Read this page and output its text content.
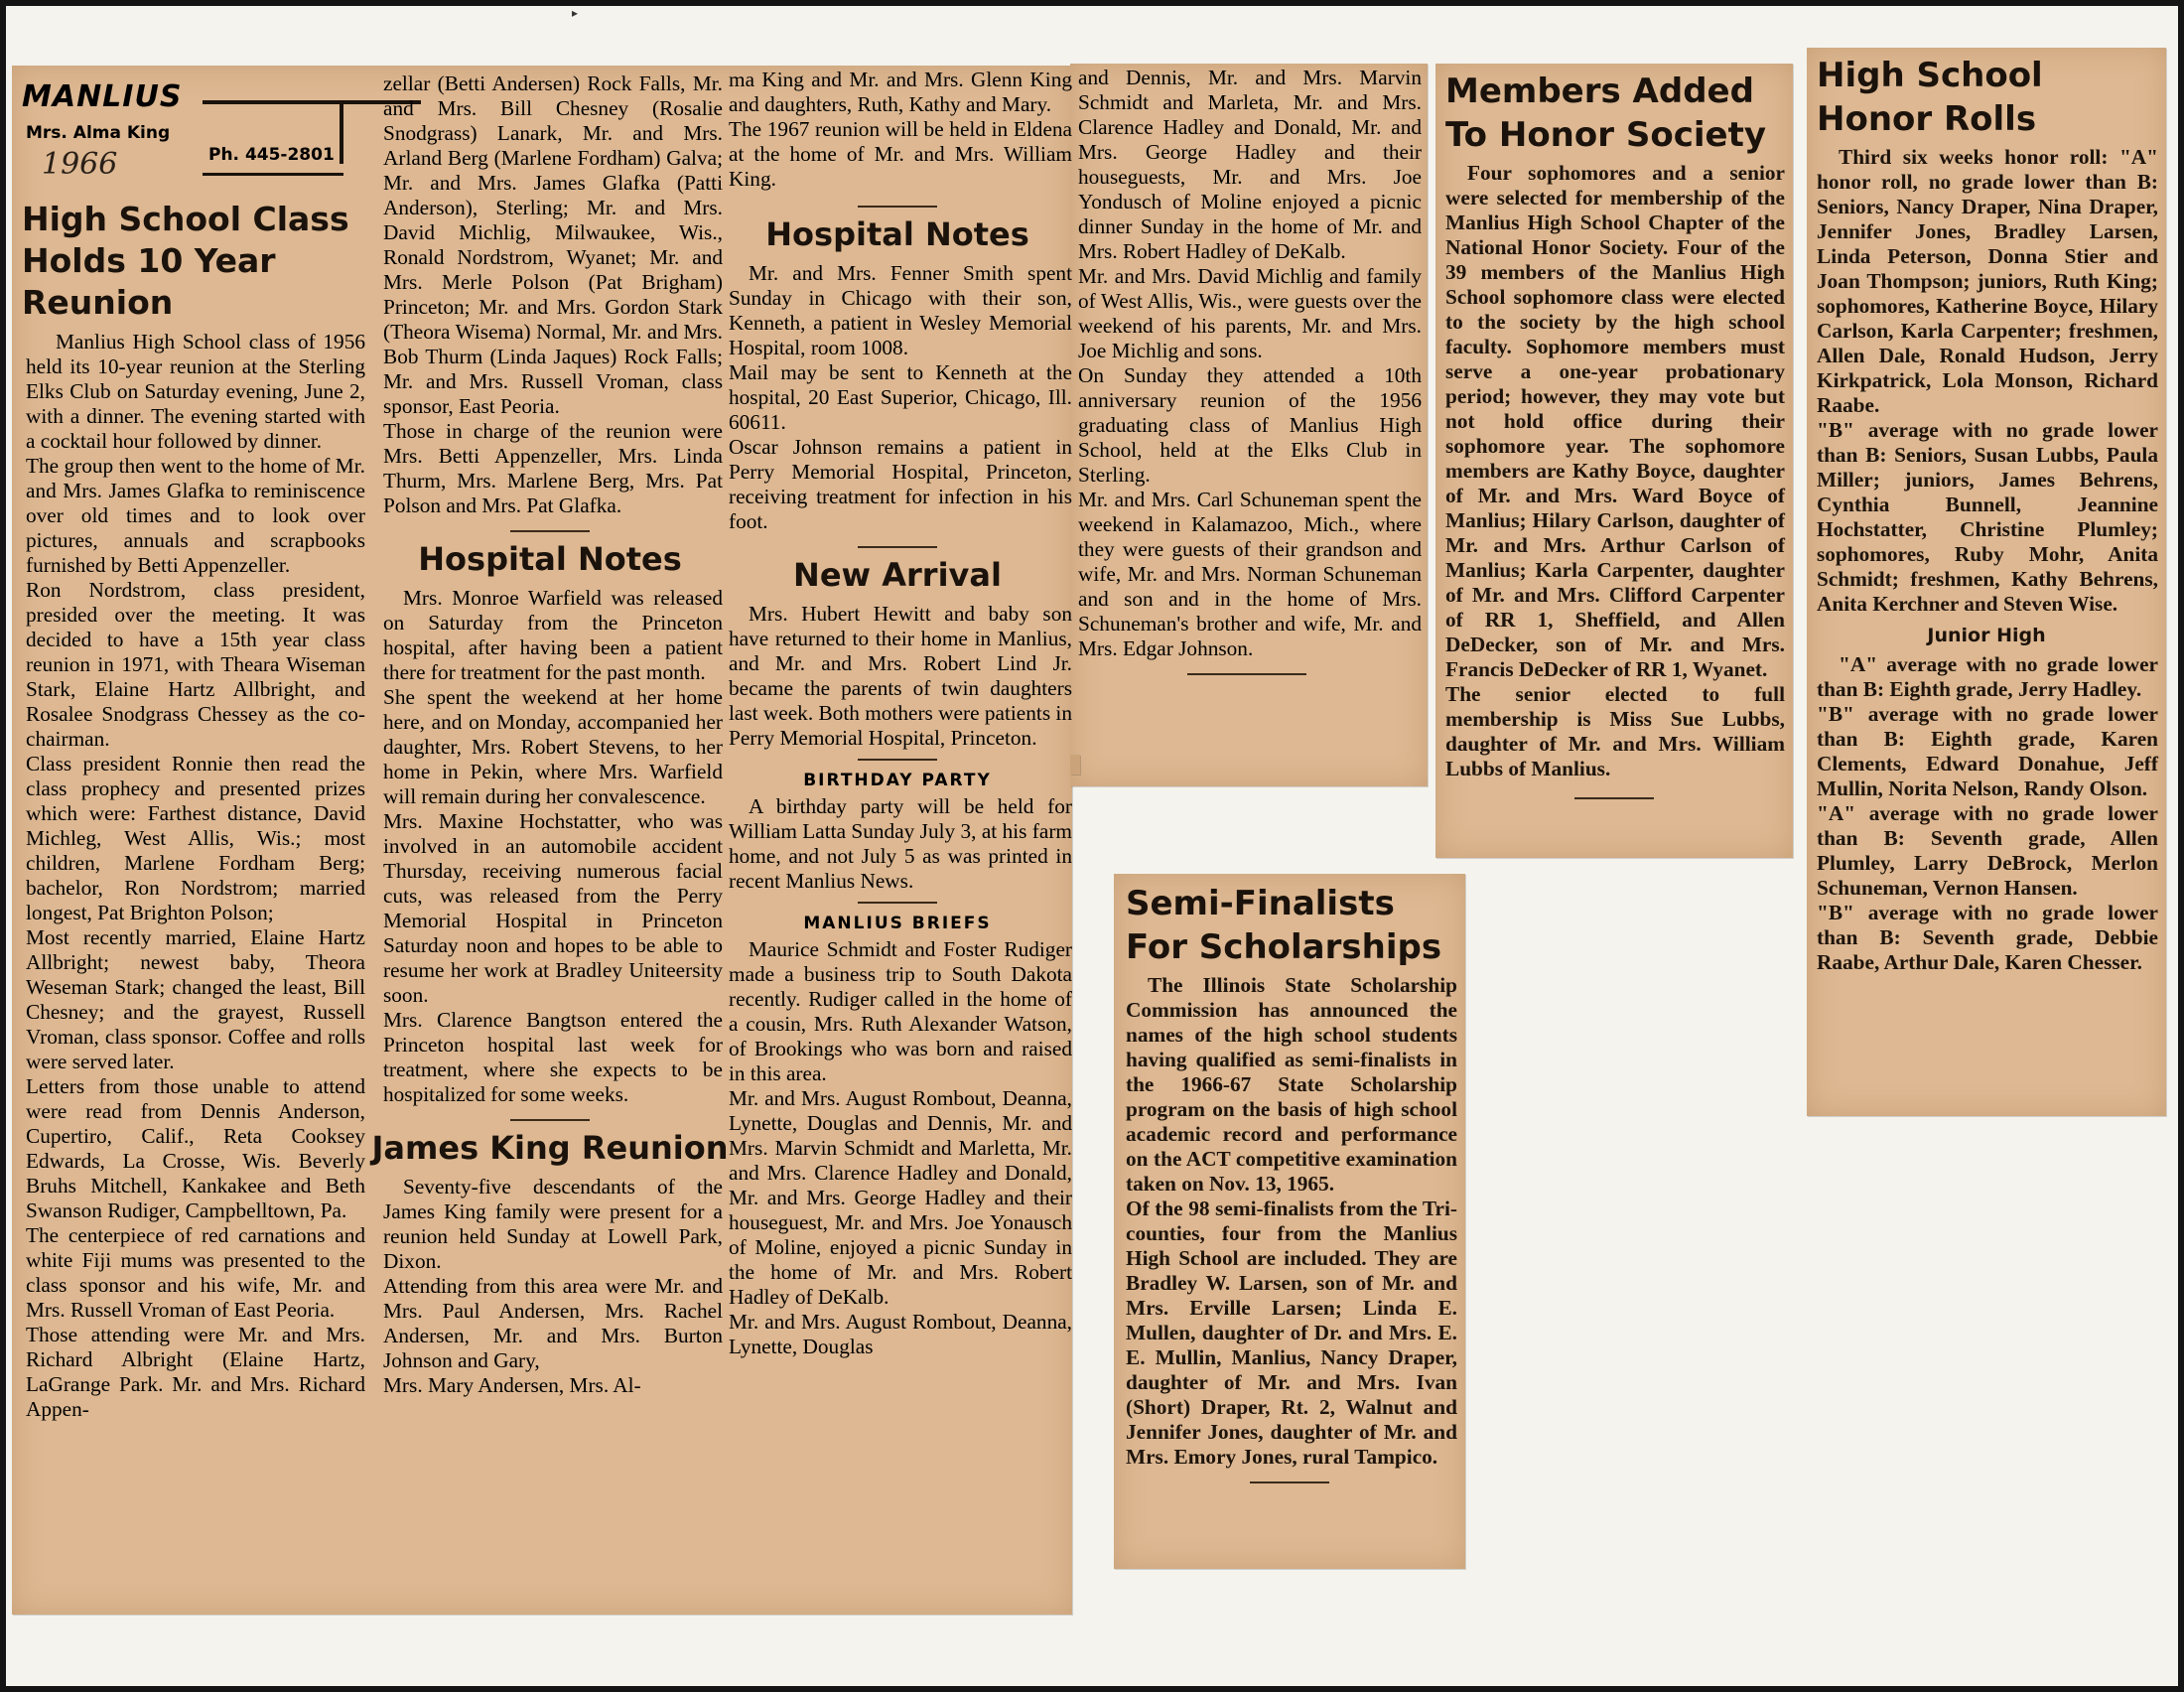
▸
MANLIUS
Mrs. Alma King
1966	Ph. 445-2801
High School Class Holds 10 Year Reunion

Manlius High School class of 1956 held its 10-year reunion at the Sterling Elks Club on Saturday evening, June 2, with a dinner. The evening started with a cocktail hour followed by dinner.
The group then went to the home of Mr. and Mrs. James Glafka to reminiscence over old times and to look over pictures, annuals and scrapbooks furnished by Betti Appenzeller.
Ron Nordstrom, class president, presided over the meeting. It was decided to have a 15th year class reunion in 1971, with Theara Wiseman Stark, Elaine Hartz Allbright, and Rosalee Snodgrass Chessey as the co-chairman.
Class president Ronnie then read the class prophecy and presented prizes which were: Farthest distance, David Michleg, West Allis, Wis.; most children, Marlene Fordham Berg; bachelor, Ron Nordstrom; married longest, Pat Brighton Polson;
Most recently married, Elaine Hartz Allbright; newest baby, Theora Weseman Stark; changed the least, Bill Chesney; and the grayest, Russell Vroman, class sponsor. Coffee and rolls were served later.
Letters from those unable to attend were read from Dennis Anderson, Cupertiro, Calif., Reta Cooksey Edwards, La Crosse, Wis. Beverly Bruhs Mitchell, Kankakee and Beth Swanson Rudiger, Campbelltown, Pa.
The centerpiece of red carnations and white Fiji mums was presented to the class sponsor and his wife, Mr. and Mrs. Russell Vroman of East Peoria.
Those attending were Mr. and Mrs. Richard Albright (Elaine Hartz, LaGrange Park. Mr. and Mrs. Richard Appen-

zellar (Betti Andersen) Rock Falls, Mr. and Mrs. Bill Chesney (Rosalie Snodgrass) Lanark, Mr. and Mrs. Arland Berg (Marlene Fordham) Galva; Mr. and Mrs. James Glafka (Patti Anderson), Sterling; Mr. and Mrs. David Michlig, Milwaukee, Wis., Ronald Nordstrom, Wyanet; Mr. and Mrs. Merle Polson (Pat Brigham) Princeton; Mr. and Mrs. Gordon Stark (Theora Wisema) Normal, Mr. and Mrs. Bob Thurm (Linda Jaques) Rock Falls; Mr. and Mrs. Russell Vroman, class sponsor, East Peoria.
Those in charge of the reunion were Mrs. Betti Appenzeller, Mrs. Linda Thurm, Mrs. Marlene Berg, Mrs. Pat Polson and Mrs. Pat Glafka.

Hospital Notes

Mrs. Monroe Warfield was released on Saturday from the Princeton hospital, after having been a patient there for treatment for the past month.
She spent the weekend at her home here, and on Monday, accompanied her daughter, Mrs. Robert Stevens, to her home in Pekin, where Mrs. Warfield will remain during her convalescence.
Mrs. Maxine Hochstatter, who was involved in an automobile accident Thursday, receiving numerous facial cuts, was released from the Perry Memorial Hospital in Princeton Saturday noon and hopes to be able to resume her work at Bradley Uniteersity soon.
Mrs. Clarence Bangtson entered the Princeton hospital last week for treatment, where she expects to be hospitalized for some weeks.

James King Reunion

Seventy-five descendants of the James King family were present for a reunion held Sunday at Lowell Park, Dixon.
Attending from this area were Mr. and Mrs. Paul Andersen, Mrs. Rachel Andersen, Mr. and Mrs. Burton Johnson and Gary,
Mrs. Mary Andersen, Mrs. Al-

ma King and Mr. and Mrs. Glenn King and daughters, Ruth, Kathy and Mary.
The 1967 reunion will be held in Eldena at the home of Mr. and Mrs. William King.

Hospital Notes

Mr. and Mrs. Fenner Smith spent Sunday in Chicago with their son, Kenneth, a patient in Wesley Memorial Hospital, room 1008.
Mail may be sent to Kenneth at the hospital, 20 East Superior, Chicago, Ill. 60611.
Oscar Johnson remains a patient in Perry Memorial Hospital, Princeton, receiving treatment for infection in his foot.

New Arrival

Mrs. Hubert Hewitt and baby son have returned to their home in Manlius, and Mr. and Mrs. Robert Lind Jr. became the parents of twin daughters last week. Both mothers were patients in Perry Memorial Hospital, Princeton.

BIRTHDAY PARTY

A birthday party will be held for William Latta Sunday July 3, at his farm home, and not July 5 as was printed in recent Manlius News.

MANLIUS BRIEFS

Maurice Schmidt and Foster Rudiger made a business trip to South Dakota recently. Rudiger called in the home of a cousin, Mrs. Ruth Alexander Watson, of Brookings who was born and raised in this area.
Mr. and Mrs. August Rombout, Deanna, Lynette, Douglas and Dennis, Mr. and Mrs. Marvin Schmidt and Marletta, Mr. and Mrs. Clarence Hadley and Donald, Mr. and Mrs. George Hadley and their houseguest, Mr. and Mrs. Joe Yonausch of Moline, enjoyed a picnic Sunday in the home of Mr. and Mrs. Robert Hadley of DeKalb.
Mr. and Mrs. August Rombout, Deanna, Lynette, Douglas

and Dennis, Mr. and Mrs. Marvin Schmidt and Marleta, Mr. and Mrs. Clarence Hadley and Donald, Mr. and Mrs. George Hadley and their houseguests, Mr. and Mrs. Joe Yondusch of Moline enjoyed a picnic dinner Sunday in the home of Mr. and Mrs. Robert Hadley of DeKalb.
Mr. and Mrs. David Michlig and family of West Allis, Wis., were guests over the weekend of his parents, Mr. and Mrs. Joe Michlig and sons.
On Sunday they attended a 10th anniversary reunion of the 1956 graduating class of Manlius High School, held at the Elks Club in Sterling.
Mr. and Mrs. Carl Schuneman spent the weekend in Kalamazoo, Mich., where they were guests of their grandson and wife, Mr. and Mrs. Norman Schuneman and son and in the home of Mrs. Schuneman's brother and wife, Mr. and Mrs. Edgar Johnson.

Members Added To Honor Society

Four sophomores and a senior were selected for membership of the Manlius High School Chapter of the National Honor Society. Four of the 39 members of the Manlius High School sophomore class were elected to the society by the high school faculty. Sophomore members must serve a one-year probationary period; however, they may vote but not hold office during their sophomore year. The sophomore members are Kathy Boyce, daughter of Mr. and Mrs. Ward Boyce of Manlius; Hilary Carlson, daughter of Mr. and Mrs. Arthur Carlson of Manlius; Karla Carpenter, daughter of Mr. and Mrs. Clifford Carpenter of RR 1, Sheffield, and Allen DeDecker, son of Mr. and Mrs. Francis DeDecker of RR 1, Wyanet.
The senior elected to full membership is Miss Sue Lubbs, daughter of Mr. and Mrs. William Lubbs of Manlius.

Semi-Finalists For Scholarships

The Illinois State Scholarship Commission has announced the names of the high school students having qualified as semi-finalists in the 1966-67 State Scholarship program on the basis of high school academic record and performance on the ACT competitive examination taken on Nov. 13, 1965.
Of the 98 semi-finalists from the Tri-counties, four from the Manlius High School are included. They are Bradley W. Larsen, son of Mr. and Mrs. Erville Larsen; Linda E. Mullen, daughter of Dr. and Mrs. E. E. Mullin, Manlius, Nancy Draper, daughter of Mr. and Mrs. Ivan (Short) Draper, Rt. 2, Walnut and Jennifer Jones, daughter of Mr. and Mrs. Emory Jones, rural Tampico.

High School Honor Rolls

Third six weeks honor roll: "A" honor roll, no grade lower than B: Seniors, Nancy Draper, Nina Draper, Jennifer Jones, Bradley Larsen, Linda Peterson, Donna Stier and Joan Thompson; juniors, Ruth King; sophomores, Katherine Boyce, Hilary Carlson, Karla Carpenter; freshmen, Allen Dale, Ronald Hudson, Jerry Kirkpatrick, Lola Monson, Richard Raabe.
"B" average with no grade lower than B: Seniors, Susan Lubbs, Paula Miller; juniors, James Behrens, Cynthia Bunnell, Jeannine Hochstatter, Christine Plumley; sophomores, Ruby Mohr, Anita Schmidt; freshmen, Kathy Behrens, Anita Kerchner and Steven Wise.

Junior High

"A" average with no grade lower than B: Eighth grade, Jerry Hadley.
"B" average with no grade lower than B: Eighth grade, Karen Clements, Edward Donahue, Jeff Mullin, Norita Nelson, Randy Olson.
"A" average with no grade lower than B: Seventh grade, Allen Plumley, Larry DeBrock, Merlon Schuneman, Vernon Hansen.
"B" average with no grade lower than B: Seventh grade, Debbie Raabe, Arthur Dale, Karen Chesser.
